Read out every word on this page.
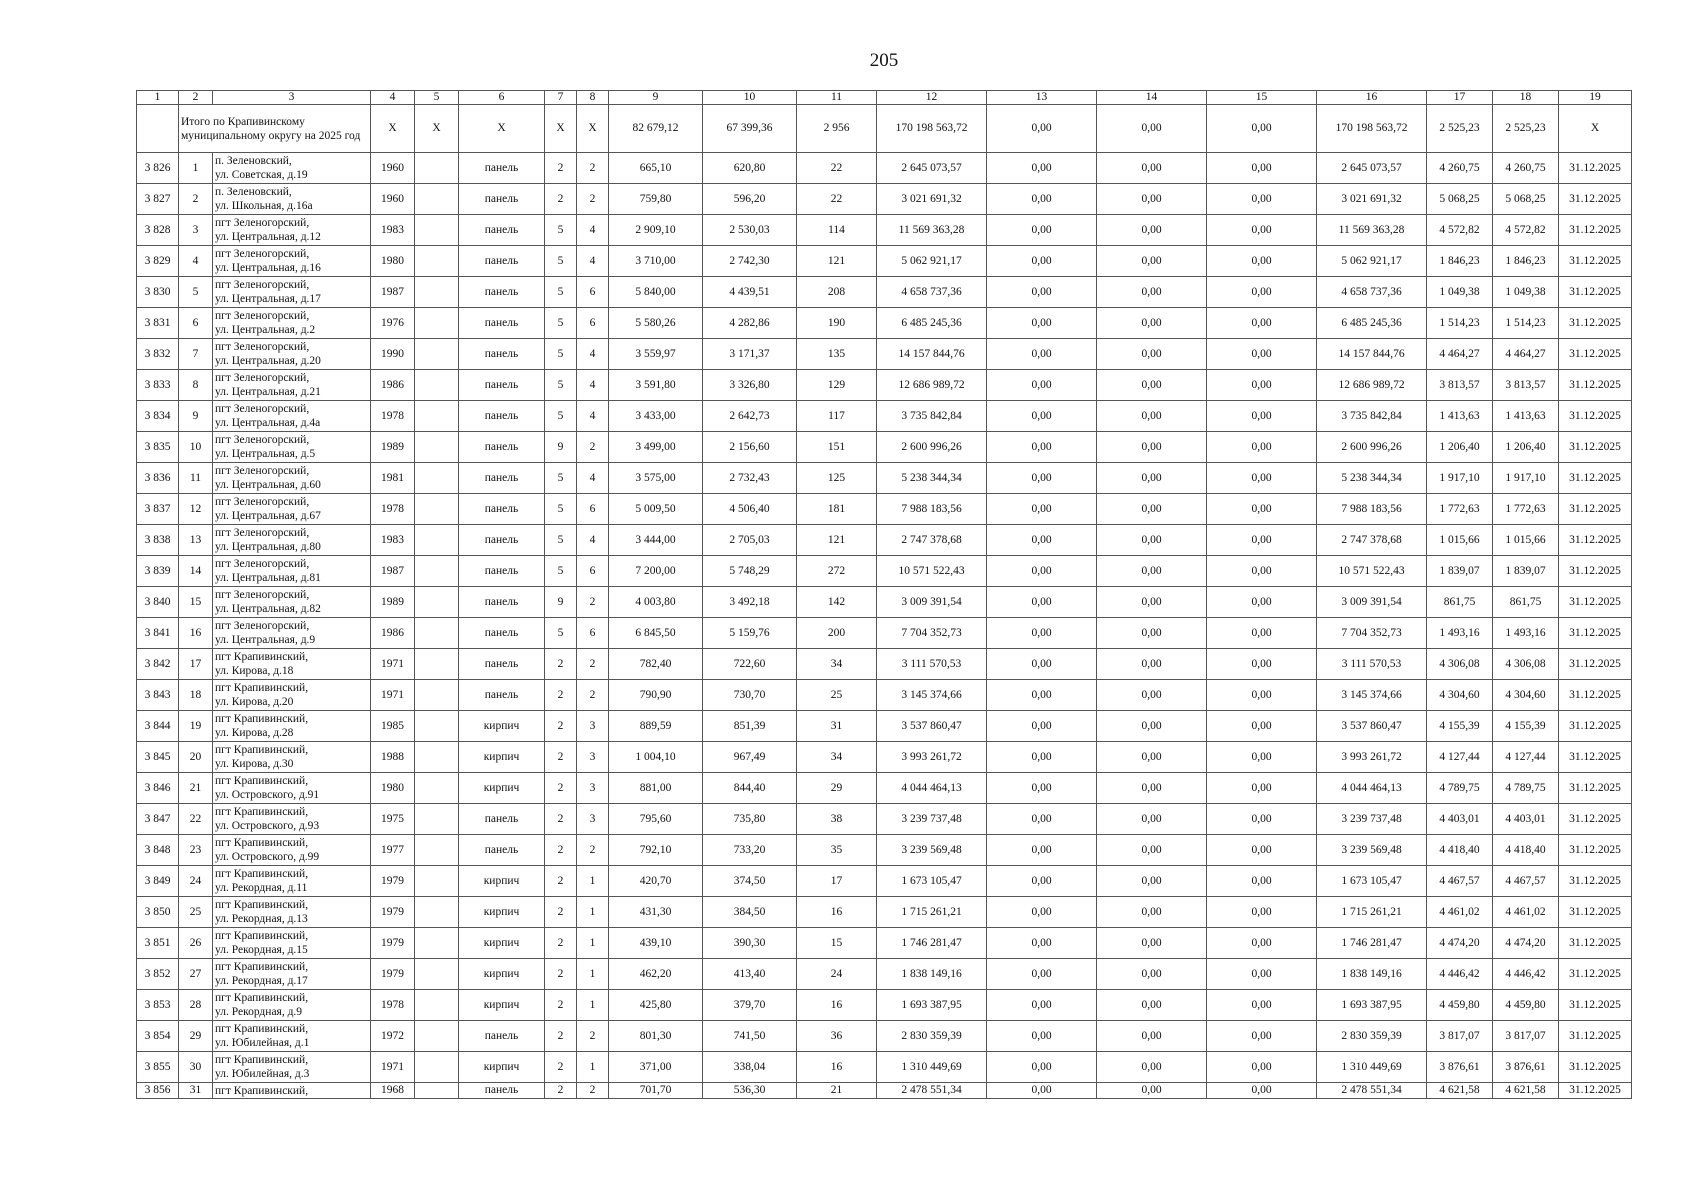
205
1	2	3	4	5	6	7	8	9	10	11	12	13	14	15	16	17	18	19
	Итого по Крапивинскому муниципальному округу на 2025 год		X	X	X	X	X	82 679,12	67 399,36	2 956	170 198 563,72	0,00	0,00	0,00	170 198 563,72	2 525,23	2 525,23	X
3 826	1	п. Зеленовский,
ул. Советская, д.19	1960		панель	2	2	665,10	620,80	22	2 645 073,57	0,00	0,00	0,00	2 645 073,57	4 260,75	4 260,75	31.12.2025
3 827	2	п. Зеленовский,
ул. Школьная, д.16а	1960		панель	2	2	759,80	596,20	22	3 021 691,32	0,00	0,00	0,00	3 021 691,32	5 068,25	5 068,25	31.12.2025
3 828	3	пгт Зеленогорский,
ул. Центральная, д.12	1983		панель	5	4	2 909,10	2 530,03	114	11 569 363,28	0,00	0,00	0,00	11 569 363,28	4 572,82	4 572,82	31.12.2025
3 829	4	пгт Зеленогорский,
ул. Центральная, д.16	1980		панель	5	4	3 710,00	2 742,30	121	5 062 921,17	0,00	0,00	0,00	5 062 921,17	1 846,23	1 846,23	31.12.2025
3 830	5	пгт Зеленогорский,
ул. Центральная, д.17	1987		панель	5	6	5 840,00	4 439,51	208	4 658 737,36	0,00	0,00	0,00	4 658 737,36	1 049,38	1 049,38	31.12.2025
3 831	6	пгт Зеленогорский,
ул. Центральная, д.2	1976		панель	5	6	5 580,26	4 282,86	190	6 485 245,36	0,00	0,00	0,00	6 485 245,36	1 514,23	1 514,23	31.12.2025
3 832	7	пгт Зеленогорский,
ул. Центральная, д.20	1990		панель	5	4	3 559,97	3 171,37	135	14 157 844,76	0,00	0,00	0,00	14 157 844,76	4 464,27	4 464,27	31.12.2025
3 833	8	пгт Зеленогорский,
ул. Центральная, д.21	1986		панель	5	4	3 591,80	3 326,80	129	12 686 989,72	0,00	0,00	0,00	12 686 989,72	3 813,57	3 813,57	31.12.2025
3 834	9	пгт Зеленогорский,
ул. Центральная, д.4а	1978		панель	5	4	3 433,00	2 642,73	117	3 735 842,84	0,00	0,00	0,00	3 735 842,84	1 413,63	1 413,63	31.12.2025
3 835	10	пгт Зеленогорский,
ул. Центральная, д.5	1989		панель	9	2	3 499,00	2 156,60	151	2 600 996,26	0,00	0,00	0,00	2 600 996,26	1 206,40	1 206,40	31.12.2025
3 836	11	пгт Зеленогорский,
ул. Центральная, д.60	1981		панель	5	4	3 575,00	2 732,43	125	5 238 344,34	0,00	0,00	0,00	5 238 344,34	1 917,10	1 917,10	31.12.2025
3 837	12	пгт Зеленогорский,
ул. Центральная, д.67	1978		панель	5	6	5 009,50	4 506,40	181	7 988 183,56	0,00	0,00	0,00	7 988 183,56	1 772,63	1 772,63	31.12.2025
3 838	13	пгт Зеленогорский,
ул. Центральная, д.80	1983		панель	5	4	3 444,00	2 705,03	121	2 747 378,68	0,00	0,00	0,00	2 747 378,68	1 015,66	1 015,66	31.12.2025
3 839	14	пгт Зеленогорский,
ул. Центральная, д.81	1987		панель	5	6	7 200,00	5 748,29	272	10 571 522,43	0,00	0,00	0,00	10 571 522,43	1 839,07	1 839,07	31.12.2025
3 840	15	пгт Зеленогорский,
ул. Центральная, д.82	1989		панель	9	2	4 003,80	3 492,18	142	3 009 391,54	0,00	0,00	0,00	3 009 391,54	861,75	861,75	31.12.2025
3 841	16	пгт Зеленогорский,
ул. Центральная, д.9	1986		панель	5	6	6 845,50	5 159,76	200	7 704 352,73	0,00	0,00	0,00	7 704 352,73	1 493,16	1 493,16	31.12.2025
3 842	17	пгт Крапивинский,
ул. Кирова, д.18	1971		панель	2	2	782,40	722,60	34	3 111 570,53	0,00	0,00	0,00	3 111 570,53	4 306,08	4 306,08	31.12.2025
3 843	18	пгт Крапивинский,
ул. Кирова, д.20	1971		панель	2	2	790,90	730,70	25	3 145 374,66	0,00	0,00	0,00	3 145 374,66	4 304,60	4 304,60	31.12.2025
3 844	19	пгт Крапивинский,
ул. Кирова, д.28	1985		кирпич	2	3	889,59	851,39	31	3 537 860,47	0,00	0,00	0,00	3 537 860,47	4 155,39	4 155,39	31.12.2025
3 845	20	пгт Крапивинский,
ул. Кирова, д.30	1988		кирпич	2	3	1 004,10	967,49	34	3 993 261,72	0,00	0,00	0,00	3 993 261,72	4 127,44	4 127,44	31.12.2025
3 846	21	пгт Крапивинский,
ул. Островского, д.91	1980		кирпич	2	3	881,00	844,40	29	4 044 464,13	0,00	0,00	0,00	4 044 464,13	4 789,75	4 789,75	31.12.2025
3 847	22	пгт Крапивинский,
ул. Островского, д.93	1975		панель	2	3	795,60	735,80	38	3 239 737,48	0,00	0,00	0,00	3 239 737,48	4 403,01	4 403,01	31.12.2025
3 848	23	пгт Крапивинский,
ул. Островского, д.99	1977		панель	2	2	792,10	733,20	35	3 239 569,48	0,00	0,00	0,00	3 239 569,48	4 418,40	4 418,40	31.12.2025
3 849	24	пгт Крапивинский,
ул. Рекордная, д.11	1979		кирпич	2	1	420,70	374,50	17	1 673 105,47	0,00	0,00	0,00	1 673 105,47	4 467,57	4 467,57	31.12.2025
3 850	25	пгт Крапивинский,
ул. Рекордная, д.13	1979		кирпич	2	1	431,30	384,50	16	1 715 261,21	0,00	0,00	0,00	1 715 261,21	4 461,02	4 461,02	31.12.2025
3 851	26	пгт Крапивинский,
ул. Рекордная, д.15	1979		кирпич	2	1	439,10	390,30	15	1 746 281,47	0,00	0,00	0,00	1 746 281,47	4 474,20	4 474,20	31.12.2025
3 852	27	пгт Крапивинский,
ул. Рекордная, д.17	1979		кирпич	2	1	462,20	413,40	24	1 838 149,16	0,00	0,00	0,00	1 838 149,16	4 446,42	4 446,42	31.12.2025
3 853	28	пгт Крапивинский,
ул. Рекордная, д.9	1978		кирпич	2	1	425,80	379,70	16	1 693 387,95	0,00	0,00	0,00	1 693 387,95	4 459,80	4 459,80	31.12.2025
3 854	29	пгт Крапивинский,
ул. Юбилейная, д.1	1972		панель	2	2	801,30	741,50	36	2 830 359,39	0,00	0,00	0,00	2 830 359,39	3 817,07	3 817,07	31.12.2025
3 855	30	пгт Крапивинский,
ул. Юбилейная, д.3	1971		кирпич	2	1	371,00	338,04	16	1 310 449,69	0,00	0,00	0,00	1 310 449,69	3 876,61	3 876,61	31.12.2025
3 856	31	пгт Крапивинский,	1968		панель	2	2	701,70	536,30	21	2 478 551,34	0,00	0,00	0,00	2 478 551,34	4 621,58	4 621,58	31.12.2025
